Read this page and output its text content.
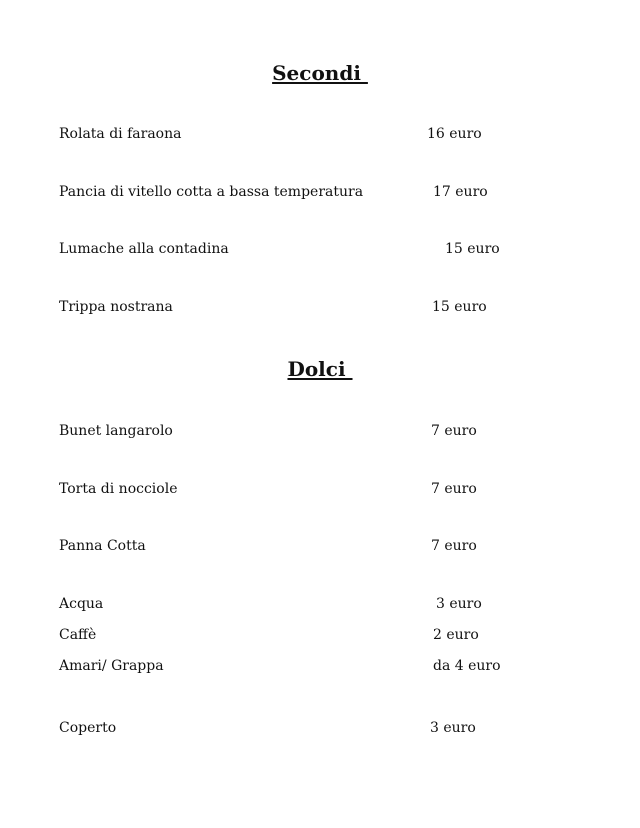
Secondi
Rolata di faraona	16 euro
Pancia di vitello cotta a bassa temperatura	17 euro
Lumache alla contadina	15 euro
Trippa nostrana	15 euro
Dolci
Bunet langarolo	7 euro
Torta di nocciole	7 euro
Panna Cotta	7 euro
Acqua	3 euro
Caffè	2 euro
Amari/ Grappa	da 4 euro
Coperto	3 euro
